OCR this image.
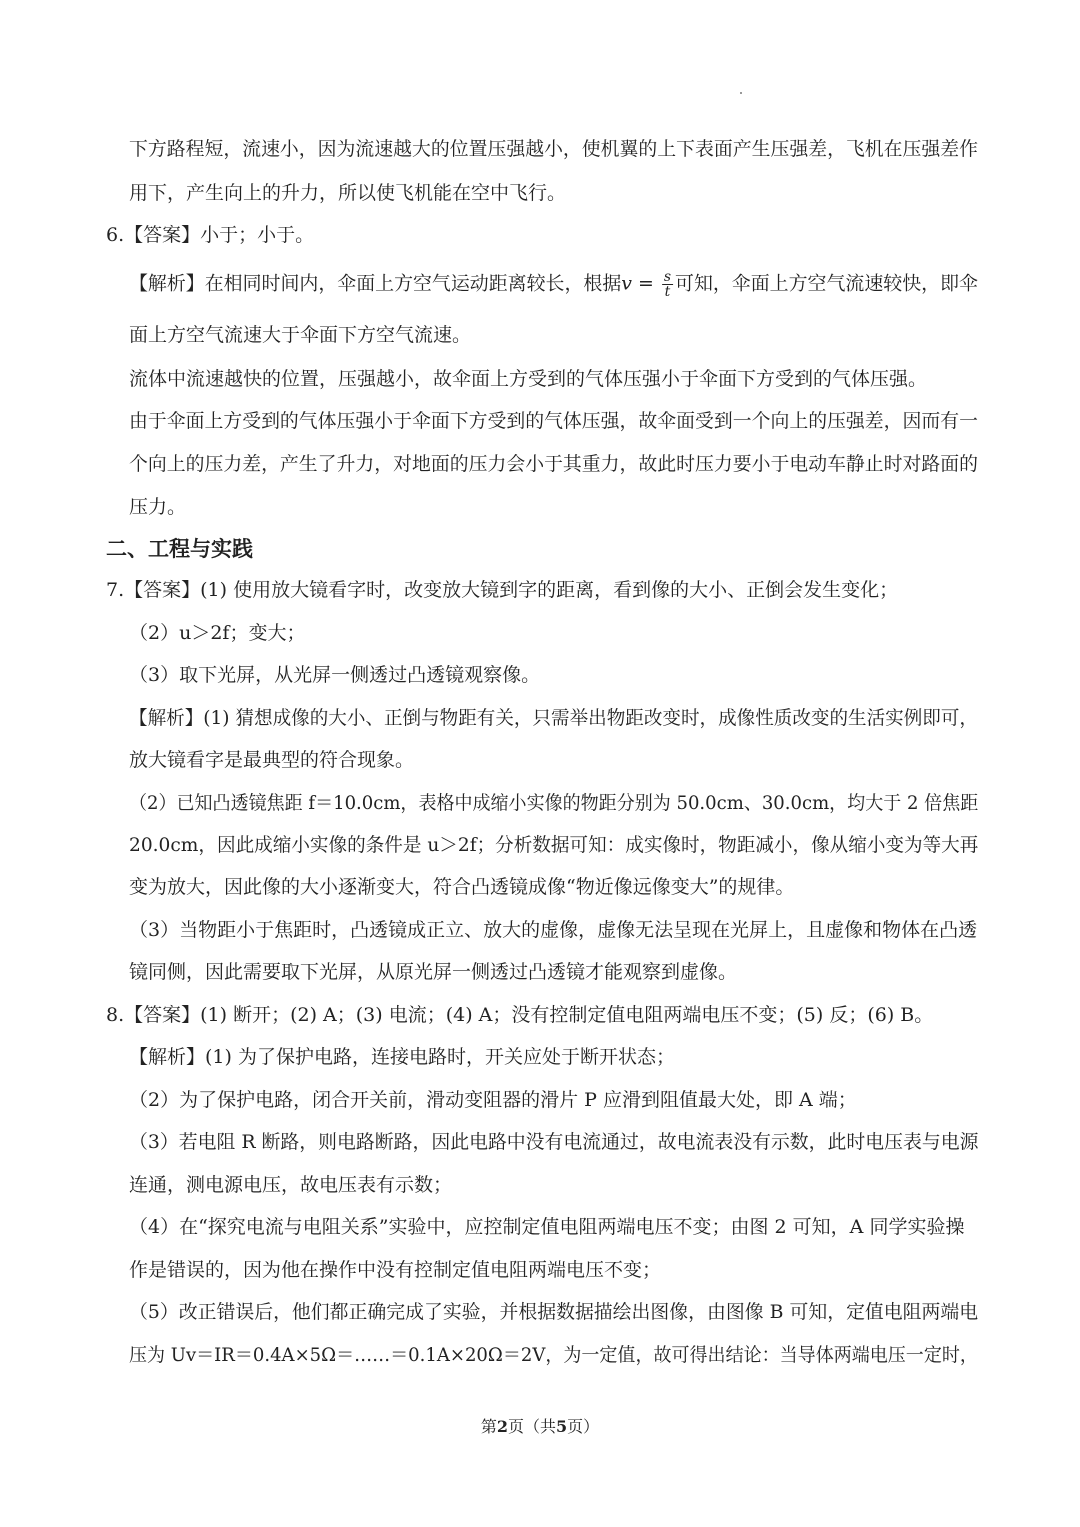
下方路程短，流速小，因为流速越大的位置压强越小，使机翼的上下表面产生压强差，飞机在压强差作
用下，产生向上的升力，所以使飞机能在空中飞行。
6.【答案】小于；小于。
【解析】在相同时间内，伞面上方空气运动距离较长，根据$v = \frac{s}{t}$ 可知，伞面上方空气流速较快，即伞
面上方空气流速大于伞面下方空气流速。
流体中流速越快的位置，压强越小，故伞面上方受到的气体压强小于伞面下方受到的气体压强。
由于伞面上方受到的气体压强小于伞面下方受到的气体压强，故伞面受到一个向上的压强差，因而有一
个向上的压力差，产生了升力，对地面的压力会小于其重力，故此时压力要小于电动车静止时对路面的
压力。
二、工程与实践
7.【答案】(1) 使用放大镜看字时，改变放大镜到字的距离，看到像的大小、正倒会发生变化；
（2）u＞2f；变大；
（3）取下光屏，从光屏一侧透过凸透镜观察像。
【解析】(1) 猜想成像的大小、正倒与物距有关，只需举出物距改变时，成像性质改变的生活实例即可，
放大镜看字是最典型的符合现象。
（2）已知凸透镜焦距 f＝10.0cm，表格中成缩小实像的物距分别为 50.0cm、30.0cm，均大于 2 倍焦距
20.0cm，因此成缩小实像的条件是 u＞2f；分析数据可知：成实像时，物距减小，像从缩小变为等大再
变为放大，因此像的大小逐渐变大，符合凸透镜成像“物近像远像变大”的规律。
（3）当物距小于焦距时，凸透镜成正立、放大的虚像，虚像无法呈现在光屏上，且虚像和物体在凸透
镜同侧，因此需要取下光屏，从原光屏一侧透过凸透镜才能观察到虚像。
8.【答案】(1) 断开；(2) A；(3) 电流；(4) A；没有控制定值电阻两端电压不变；(5) 反；(6) B。
【解析】(1) 为了保护电路，连接电路时，开关应处于断开状态；
（2）为了保护电路，闭合开关前，滑动变阻器的滑片 P 应滑到阻值最大处，即 A 端；
（3）若电阻 R 断路，则电路断路，因此电路中没有电流通过，故电流表没有示数，此时电压表与电源
连通，测电源电压，故电压表有示数；
（4）在“探究电流与电阻关系”实验中，应控制定值电阻两端电压不变；由图 2 可知，A 同学实验操
作是错误的，因为他在操作中没有控制定值电阻两端电压不变；
（5）改正错误后，他们都正确完成了实验，并根据数据描绘出图像，由图像 B 可知，定值电阻两端电
压为 Uv＝IR＝0.4A×5Ω＝……＝0.1A×20Ω＝2V，为一定值，故可得出结论：当导体两端电压一定时，
第2页（共5页）
